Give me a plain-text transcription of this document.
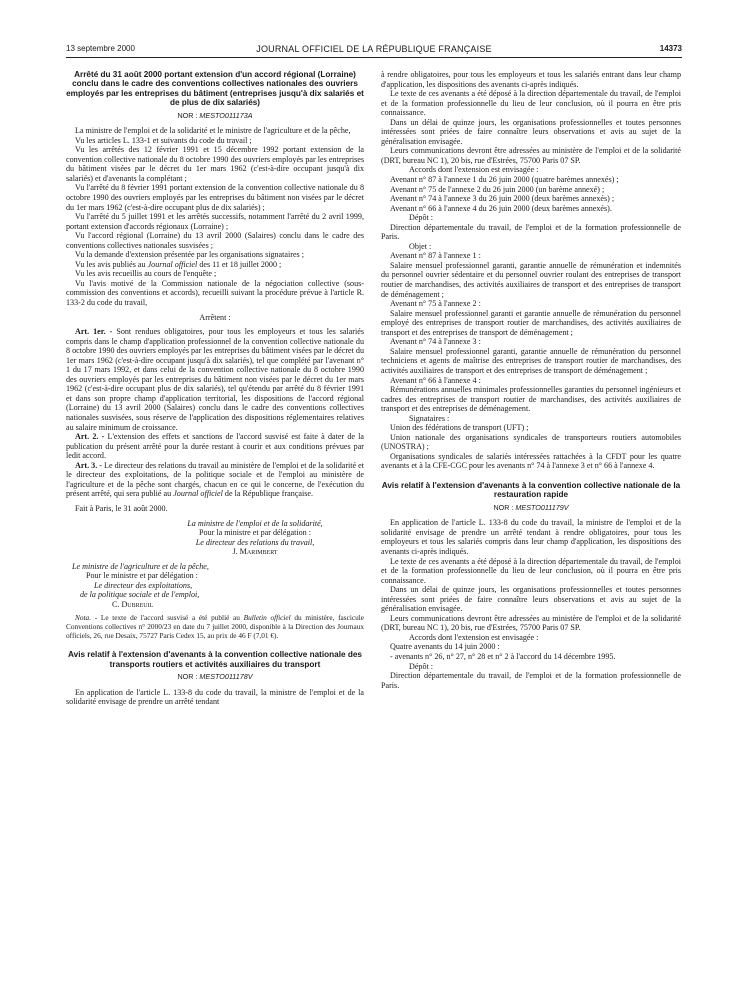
13 septembre 2000	JOURNAL OFFICIEL DE LA RÉPUBLIQUE FRANÇAISE	14373
Arrêté du 31 août 2000 portant extension d'un accord régional (Lorraine) conclu dans le cadre des conventions collectives nationales des ouvriers employés par les entreprises du bâtiment (entreprises jusqu'à dix salariés et de plus de dix salariés)
NOR : MESTO011173A

La ministre de l'emploi et de la solidarité et le ministre de l'agriculture et de la pêche,

Vu les articles L. 133-1 et suivants du code du travail ;

Vu les arrêtés des 12 février 1991 et 15 décembre 1992 portant extension de la convention collective nationale du 8 octobre 1990 des ouvriers employés par les entreprises du bâtiment visées par le décret du 1er mars 1962 (c'est-à-dire occupant jusqu'à dix salariés) et d'avenants la complétant ;

Vu l'arrêté du 8 février 1991 portant extension de la convention collective nationale du 8 octobre 1990 des ouvriers employés par les entreprises du bâtiment non visées par le décret du 1er mars 1962 (c'est-à-dire occupant plus de dix salariés) ;

Vu l'arrêté du 5 juillet 1991 et les arrêtés successifs, notamment l'arrêté du 2 avril 1999, portant extension d'accords régionaux (Lorraine) ;

Vu l'accord régional (Lorraine) du 13 avril 2000 (Salaires) conclu dans le cadre des conventions collectives nationales susvisées ;

Vu la demande d'extension présentée par les organisations signataires ;

Vu les avis publiés au Journal officiel des 11 et 18 juillet 2000 ;

Vu les avis recueillis au cours de l'enquête ;

Vu l'avis motivé de la Commission nationale de la négociation collective (sous-commission des conventions et accords), recueilli suivant la procédure prévue à l'article R. 133-2 du code du travail,

Arrêtent :

Art. 1er. - Sont rendues obligatoires, pour tous les employeurs et tous les salariés compris dans le champ d'application professionnel de la convention collective nationale du 8 octobre 1990 des ouvriers employés par les entreprises du bâtiment visées par le décret du 1er mars 1962 (c'est-à-dire occupant jusqu'à dix salariés), tel que complété par l'avenant n° 1 du 17 mars 1992, et dans celui de la convention collective nationale du 8 octobre 1990 des ouvriers employés par les entreprises du bâtiment non visées par le décret du 1er mars 1962 (c'est-à-dire occupant plus de dix salariés), tel qu'étendu par arrêté du 8 février 1991 et dans son propre champ d'application territorial, les dispositions de l'accord régional (Lorraine) du 13 avril 2000 (Salaires) conclu dans le cadre des conventions collectives nationales susvisées, sous réserve de l'application des dispositions réglementaires relatives au salaire minimum de croissance.

Art. 2. - L'extension des effets et sanctions de l'accord susvisé est faite à dater de la publication du présent arrêté pour la durée restant à courir et aux conditions prévues par ledit accord.

Art. 3. - Le directeur des relations du travail au ministère de l'emploi et de la solidarité et le directeur des exploitations, de la politique sociale et de l'emploi au ministère de l'agriculture et de la pêche sont chargés, chacun en ce qui le concerne, de l'exécution du présent arrêté, qui sera publié au Journal officiel de la République française.

Fait à Paris, le 31 août 2000.

La ministre de l'emploi et de la solidarité,

Pour la ministre et par délégation :

Le directeur des relations du travail,

J. Marimbert

Le ministre de l'agriculture et de la pêche,

Pour le ministre et par délégation :

Le directeur des exploitations,

de la politique sociale et de l'emploi,

C. Dubreuil

Nota. - Le texte de l'accord susvisé a été publié au Bulletin officiel du ministère, fascicule Conventions collectives n° 2000/23 en date du 7 juillet 2000, disponible à la Direction des Journaux officiels, 26, rue Desaix, 75727 Paris Cedex 15, au prix de 46 F (7,01 €).

Avis relatif à l'extension d'avenants à la convention collective nationale des transports routiers et activités auxiliaires du transport
NOR : MESTO011178V

En application de l'article L. 133-8 du code du travail, la ministre de l'emploi et de la solidarité envisage de prendre un arrêté tendant

à rendre obligatoires, pour tous les employeurs et tous les salariés entrant dans leur champ d'application, les dispositions des avenants ci-après indiqués.

Le texte de ces avenants a été déposé à la direction départementale du travail, de l'emploi et de la formation professionnelle du lieu de leur conclusion, où il pourra en être pris connaissance.

Dans un délai de quinze jours, les organisations professionnelles et toutes personnes intéressées sont priées de faire connaître leurs observations et avis au sujet de la généralisation envisagée.

Leurs communications devront être adressées au ministère de l'emploi et de la solidarité (DRT, bureau NC 1), 20 bis, rue d'Estrées, 75700 Paris 07 SP.

Accords dont l'extension est envisagée :

Avenant n° 87 à l'annexe 1 du 26 juin 2000 (quatre barèmes annexés) ;

Avenant n° 75 de l'annexe 2 du 26 juin 2000 (un barème annexé) ;

Avenant n° 74 à l'annexe 3 du 26 juin 2000 (deux barèmes annexés) ;

Avenant n° 66 à l'annexe 4 du 26 juin 2000 (deux barèmes annexés).

Dépôt :

Direction départementale du travail, de l'emploi et de la formation professionnelle de Paris.

Objet :

Avenant n° 87 à l'annexe 1 :

Salaire mensuel professionnel garanti, garantie annuelle de rémunération et indemnités du personnel ouvrier sédentaire et du personnel ouvrier roulant des entreprises de transport routier de marchandises, des activités auxiliaires de transport et des entreprises de transport de déménagement ;

Avenant n° 75 à l'annexe 2 :

Salaire mensuel professionnel garanti et garantie annuelle de rémunération du personnel employé des entreprises de transport routier de marchandises, des activités auxiliaires de transport et des entreprises de transport de déménagement ;

Avenant n° 74 à l'annexe 3 :

Salaire mensuel professionnel garanti, garantie annuelle de rémunération du personnel techniciens et agents de maîtrise des entreprises de transport routier de marchandises, des activités auxiliaires de transport et des entreprises de transport de déménagement ;

Avenant n° 66 à l'annexe 4 :

Rémunérations annuelles minimales professionnelles garanties du personnel ingénieurs et cadres des entreprises de transport routier de marchandises, des activités auxiliaires de transport et des entreprises de déménagement.

Signataires :

Union des fédérations de transport (UFT) ;

Union nationale des organisations syndicales de transporteurs routiers automobiles (UNOSTRA) ;

Organisations syndicales de salariés intéressées rattachées à la CFDT pour les quatre avenants et à la CFE-CGC pour les avenants n° 74 à l'annexe 3 et n° 66 à l'annexe 4.

Avis relatif à l'extension d'avenants à la convention collective nationale de la restauration rapide
NOR : MESTO011179V

En application de l'article L. 133-8 du code du travail, la ministre de l'emploi et de la solidarité envisage de prendre un arrêté tendant à rendre obligatoires, pour tous les employeurs et tous les salariés compris dans leur champ d'application, les dispositions des avenants ci-après indiqués.

Le texte de ces avenants a été déposé à la direction départementale du travail, de l'emploi et de la formation professionnelle du lieu de leur conclusion, où il pourra en être pris connaissance.

Dans un délai de quinze jours, les organisations professionnelles et toutes personnes intéressées sont priées de faire connaître leurs observations et avis au sujet de la généralisation envisagée.

Leurs communications devront être adressées au ministère de l'emploi et de la solidarité (DRT, bureau NC 1), 20 bis, rue d'Estrées, 75700 Paris 07 SP.

Accords dont l'extension est envisagée :

Quatre avenants du 14 juin 2000 :

- avenants n° 26, n° 27, n° 28 et n° 2 à l'accord du 14 décembre 1995.

Dépôt :

Direction départementale du travail, de l'emploi et de la formation professionnelle de Paris.
